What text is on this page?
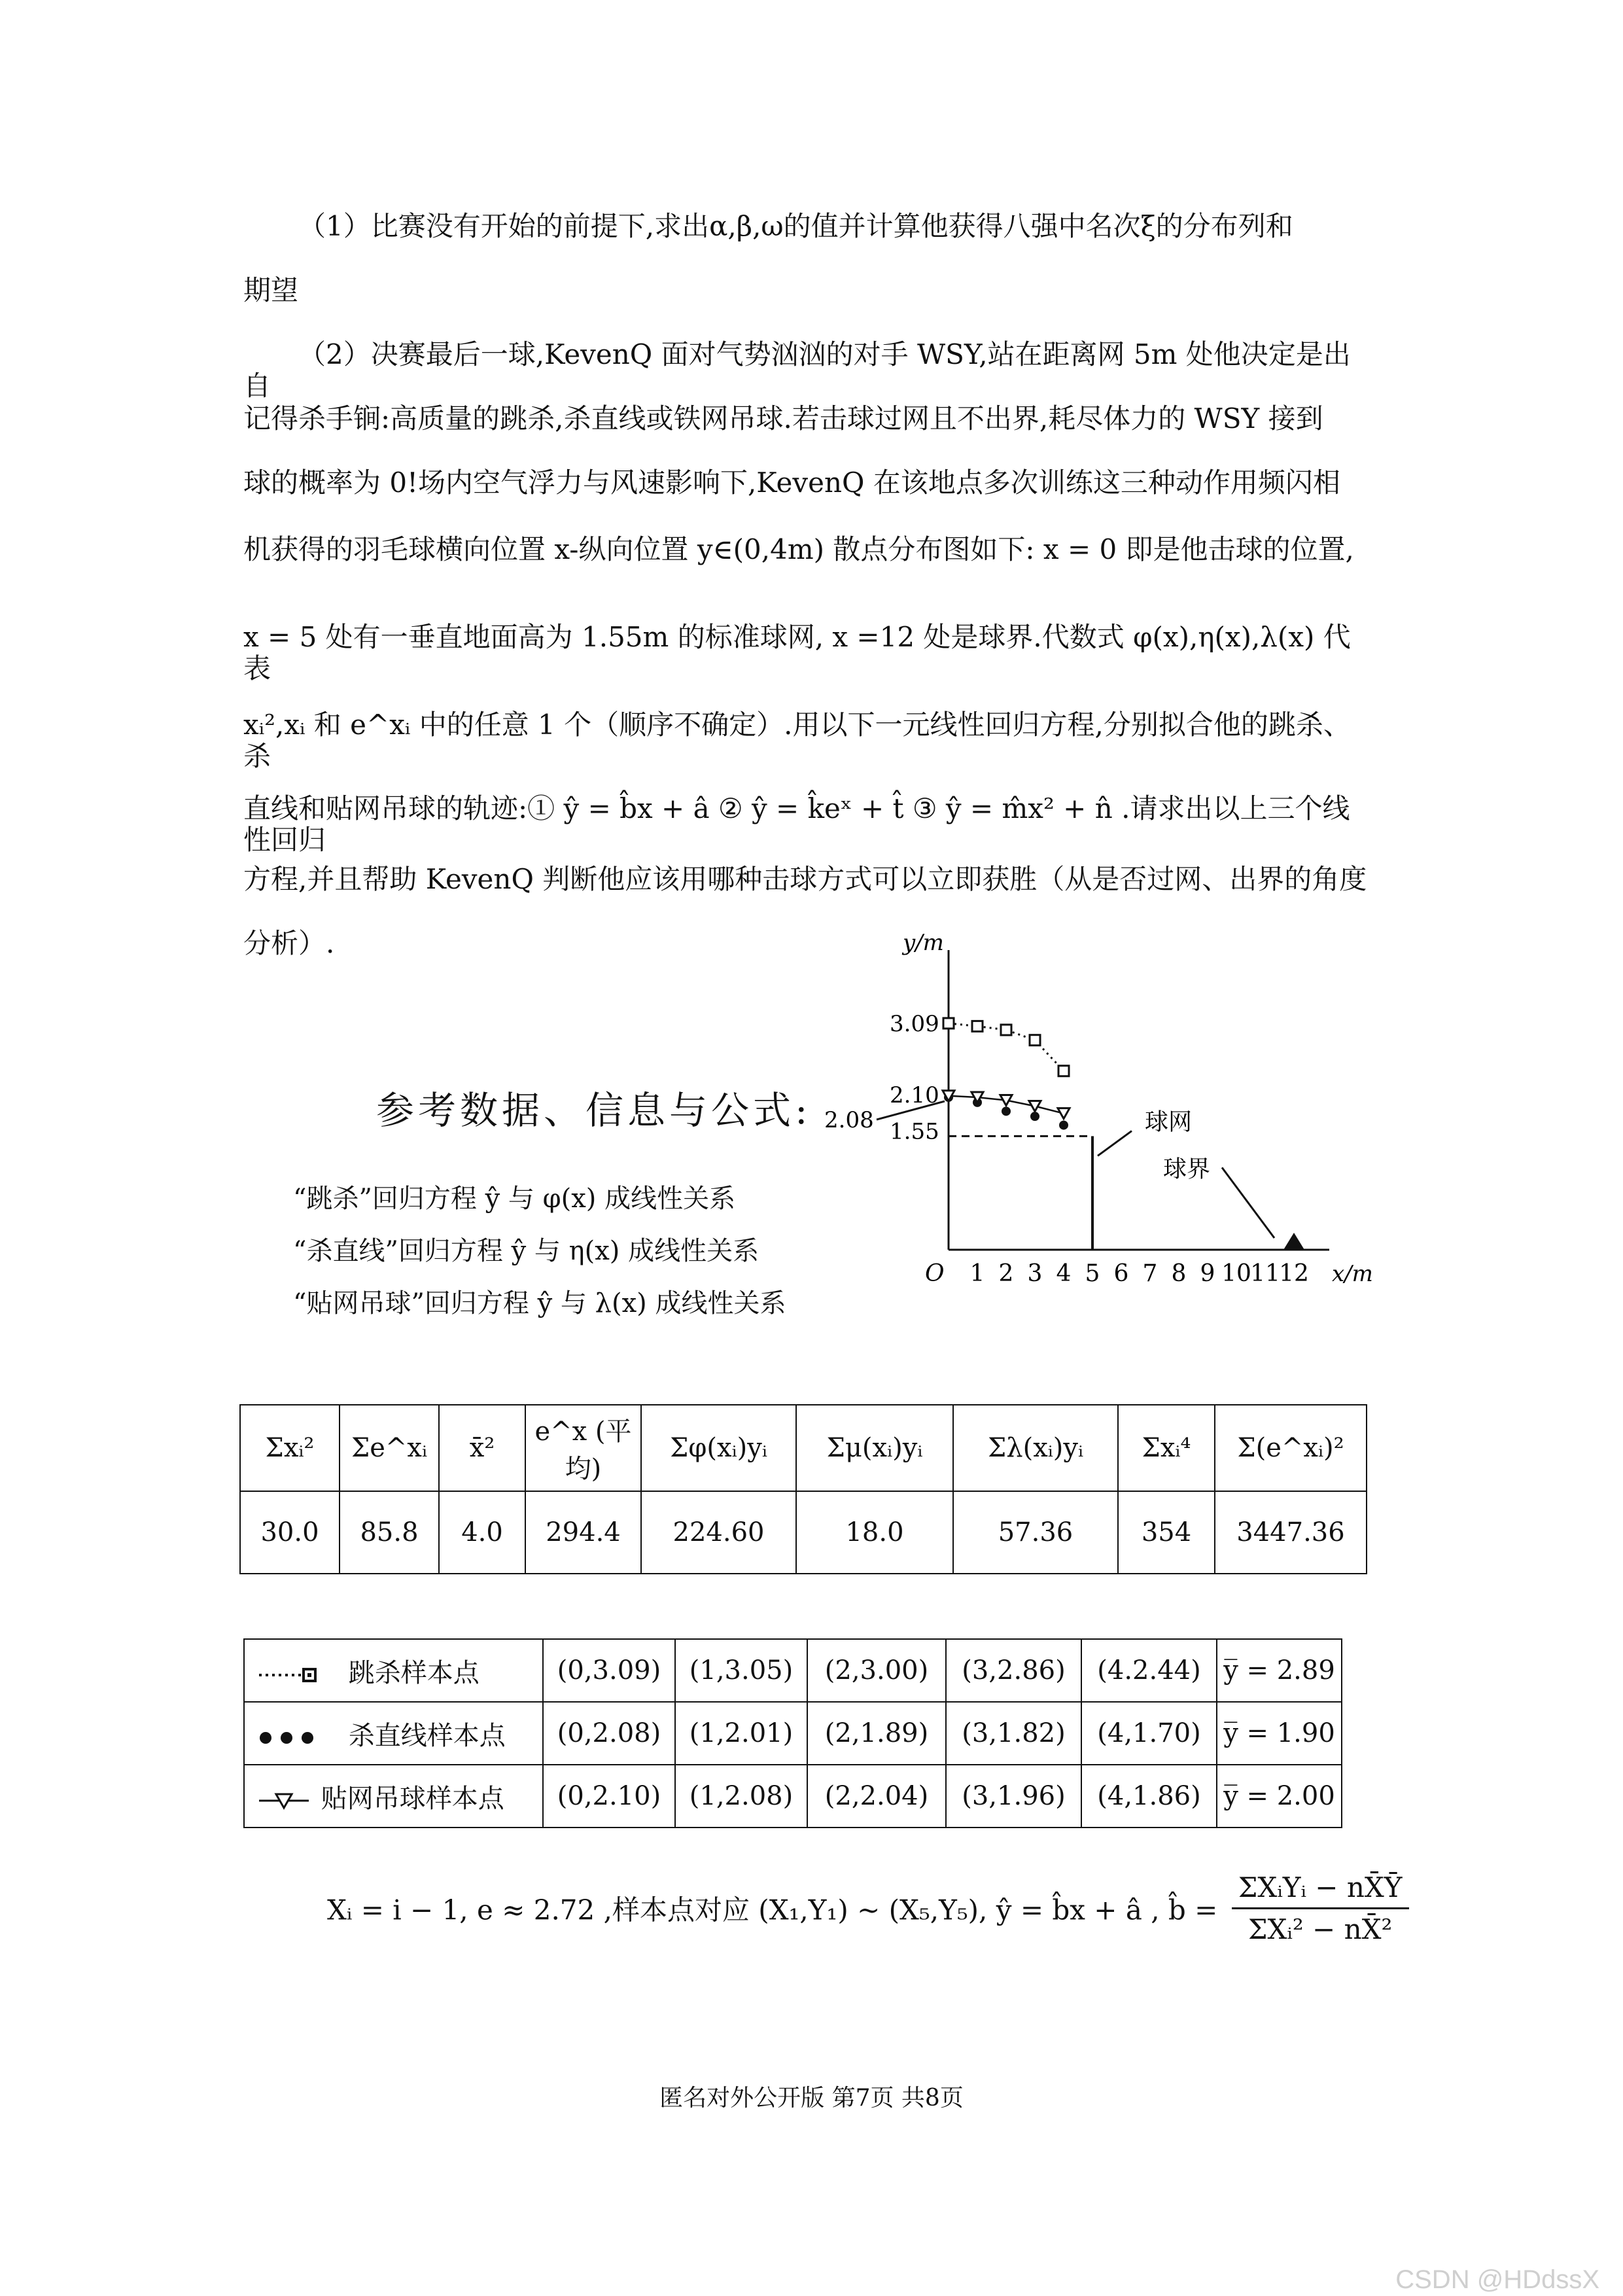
（1）比赛没有开始的前提下,求出α,β,ω的值并计算他获得八强中名次ξ的分布列和
期望
（2）决赛最后一球,KevenQ 面对气势汹汹的对手 WSY,站在距离网 5m 处他决定是出自
记得杀手锏:高质量的跳杀,杀直线或铁网吊球.若击球过网且不出界,耗尽体力的 WSY 接到
球的概率为 0!场内空气浮力与风速影响下,KevenQ 在该地点多次训练这三种动作用频闪相
机获得的羽毛球横向位置 x-纵向位置 y∈(0,4m) 散点分布图如下: x = 0 即是他击球的位置,
x = 5 处有一垂直地面高为 1.55m 的标准球网, x =12 处是球界.代数式 φ(x),η(x),λ(x) 代表
xᵢ²,xᵢ 和 e^xᵢ 中的任意 1 个（顺序不确定）.用以下一元线性回归方程,分别拟合他的跳杀、杀
直线和贴网吊球的轨迹:① ŷ = b̂x + â ② ŷ = k̂eˣ + t̂ ③ ŷ = m̂x² + n̂ .请求出以上三个线性回归
方程,并且帮助 KevenQ 判断他应该用哪种击球方式可以立即获胜（从是否过网、出界的角度
分析）.
参考数据、信息与公式:
“跳杀”回归方程 ŷ 与 φ(x) 成线性关系
“杀直线”回归方程 ŷ 与 η(x) 成线性关系
“贴网吊球”回归方程 ŷ 与 λ(x) 成线性关系
y/m
O 1 2 3 4 5 6 7 8 9 10
11
12 x/m
球网
球界
3.09
2.10
2.08 1.55
Σxᵢ²	Σe^xᵢ	x̄²	e^x (平均)	Σφ(xᵢ)yᵢ	Σμ(xᵢ)yᵢ	Σλ(xᵢ)yᵢ	Σxᵢ⁴	Σ(e^xᵢ)²
30.0	85.8	4.0	294.4	224.60	18.0	57.36	354	3447.36
跳杀样本点	(0,3.09)	(1,3.05)	(2,3.00)	(3,2.86)	(4.2.44)	y̅ = 2.89
杀直线样本点	(0,2.08)	(1,2.01)	(2,1.89)	(3,1.82)	(4,1.70)	y̅ = 1.90
贴网吊球样本点	(0,2.10)	(1,2.08)	(2,2.04)	(3,1.96)	(4,1.86)	y̅ = 2.00
Xᵢ = i − 1, e ≈ 2.72 ,样本点对应 (X₁,Y₁) ~ (X₅,Y₅), ŷ = b̂x + â , b̂ =
ΣXᵢYᵢ − nX̄Ȳ
ΣXᵢ² − nX̄²
匿名对外公开版 第7页 共8页
CSDN @HDdssX
